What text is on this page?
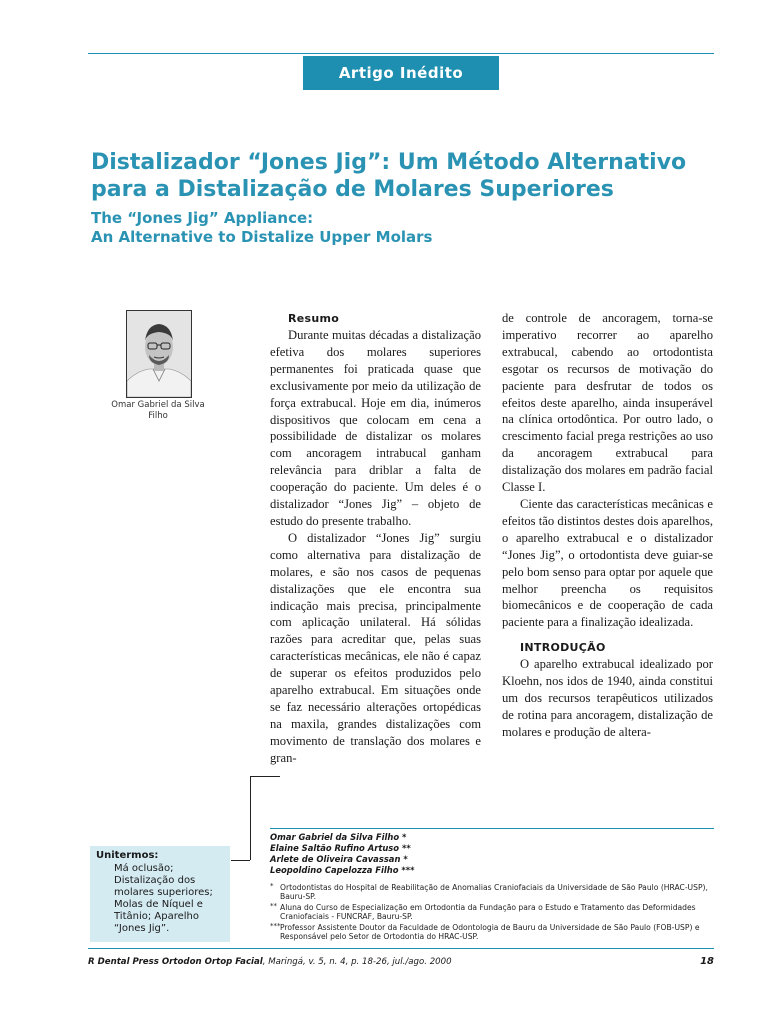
Artigo Inédito
Distalizador “Jones Jig”: Um Método Alternativo
para a Distalização de Molares Superiores
The “Jones Jig” Appliance:
An Alternative to Distalize Upper Molars
Omar Gabriel da Silva Filho

Resumo

Durante muitas décadas a distalização efetiva dos molares superiores permanentes foi praticada quase que exclusivamente por meio da utilização de força extrabucal. Hoje em dia, inúmeros dispositivos que colocam em cena a possibilidade de distalizar os molares com ancoragem intrabucal ganham relevância para driblar a falta de cooperação do paciente. Um deles é o distalizador “Jones Jig” – objeto de estudo do presente trabalho.

O distalizador “Jones Jig” surgiu como alternativa para distalização de molares, e são nos casos de pequenas distalizações que ele encontra sua indicação mais precisa, principalmente com aplicação unilateral. Há sólidas razões para acreditar que, pelas suas características mecânicas, ele não é capaz de superar os efeitos produzidos pelo aparelho extrabucal. Em situações onde se faz necessário alterações ortopédicas na maxila, grandes distalizações com movimento de translação dos molares e gran-

de controle de ancoragem, torna-se imperativo recorrer ao aparelho extrabucal, cabendo ao ortodontista esgotar os recursos de motivação do paciente para desfrutar de todos os efeitos deste aparelho, ainda insuperável na clínica ortodôntica. Por outro lado, o crescimento facial prega restrições ao uso da ancoragem extrabucal para distalização dos molares em padrão facial Classe I.

Ciente das características mecânicas e efeitos tão distintos destes dois aparelhos, o aparelho extrabucal e o distalizador “Jones Jig”, o ortodontista deve guiar-se pelo bom senso para optar por aquele que melhor preencha os requisitos biomecânicos e de cooperação de cada paciente para a finalização idealizada.

INTRODUÇÃO

O aparelho extrabucal idealizado por Kloehn, nos idos de 1940, ainda constitui um dos recursos terapêuticos utilizados de rotina para ancoragem, distalização de molares e produção de altera-

Unitermos:
Má oclusão; Distalização dos molares superiores; Molas de Níquel e Titânio; Aparelho “Jones Jig”.
Omar Gabriel da Silva Filho *
Elaine Saltão Rufino Artuso **
Arlete de Oliveira Cavassan *
Leopoldino Capelozza Filho ***
* Ortodontistas do Hospital de Reabilitação de Anomalias Craniofaciais da Universidade de São Paulo (HRAC-USP), Bauru-SP.
** Aluna do Curso de Especialização em Ortodontia da Fundação para o Estudo e Tratamento das Deformidades Craniofaciais - FUNCRAF, Bauru-SP.
*** Professor Assistente Doutor da Faculdade de Odontologia de Bauru da Universidade de São Paulo (FOB-USP) e Responsável pelo Setor de Ortodontia do HRAC-USP.
R Dental Press Ortodon Ortop Facial, Maringá, v. 5, n. 4, p. 18-26, jul./ago. 2000	18
